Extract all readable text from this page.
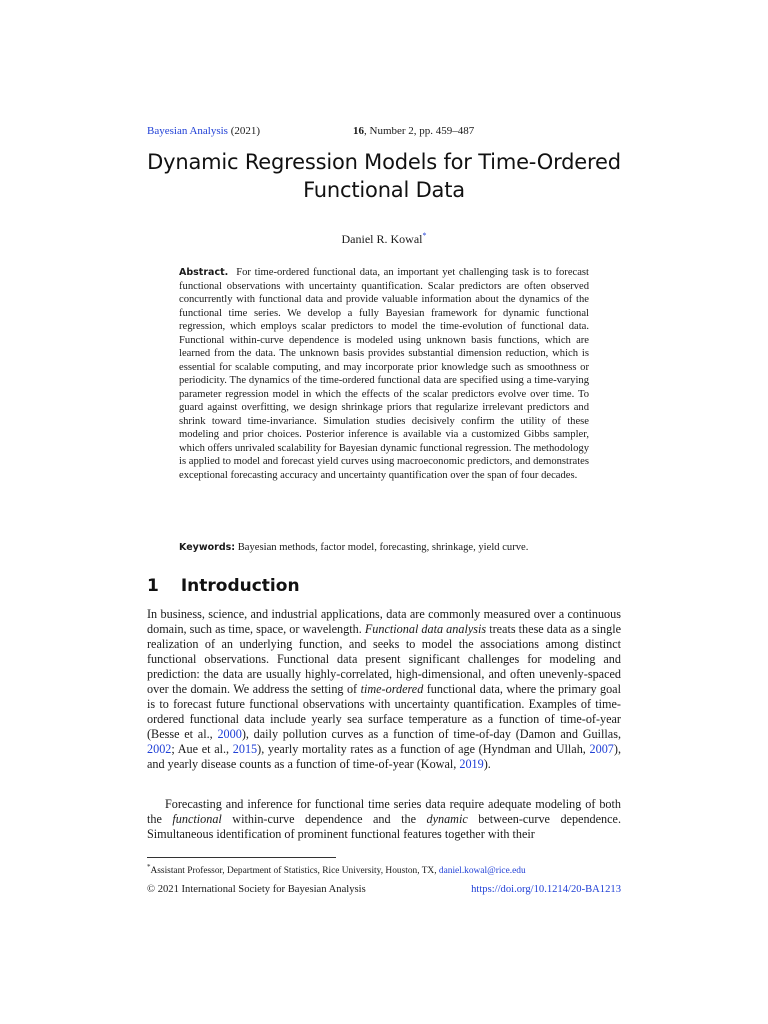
Bayesian Analysis (2021)	16, Number 2, pp. 459–487
Dynamic Regression Models for Time-Ordered
Functional Data
Daniel R. Kowal*
Abstract. For time-ordered functional data, an important yet challenging task is to forecast functional observations with uncertainty quantification. Scalar predictors are often observed concurrently with functional data and provide valuable information about the dynamics of the functional time series. We develop a fully Bayesian framework for dynamic functional regression, which employs scalar predictors to model the time-evolution of functional data. Functional within-curve dependence is modeled using unknown basis functions, which are learned from the data. The unknown basis provides substantial dimension reduction, which is essential for scalable computing, and may incorporate prior knowledge such as smoothness or periodicity. The dynamics of the time-ordered functional data are specified using a time-varying parameter regression model in which the effects of the scalar predictors evolve over time. To guard against overfitting, we design shrinkage priors that regularize irrelevant predictors and shrink toward time-invariance. Simulation studies decisively confirm the utility of these modeling and prior choices. Posterior inference is available via a customized Gibbs sampler, which offers unrivaled scalability for Bayesian dynamic functional regression. The methodology is applied to model and forecast yield curves using macroeconomic predictors, and demonstrates exceptional forecasting accuracy and uncertainty quantification over the span of four decades.
Keywords: Bayesian methods, factor model, forecasting, shrinkage, yield curve.
1 Introduction
In business, science, and industrial applications, data are commonly measured over a continuous domain, such as time, space, or wavelength. Functional data analysis treats these data as a single realization of an underlying function, and seeks to model the associations among distinct functional observations. Functional data present significant challenges for modeling and prediction: the data are usually highly-correlated, high-dimensional, and often unevenly-spaced over the domain. We address the setting of time-ordered functional data, where the primary goal is to forecast future functional observations with uncertainty quantification. Examples of time-ordered functional data include yearly sea surface temperature as a function of time-of-year (Besse et al., 2000), daily pollution curves as a function of time-of-day (Damon and Guillas, 2002; Aue et al., 2015), yearly mortality rates as a function of age (Hyndman and Ullah, 2007), and yearly disease counts as a function of time-of-year (Kowal, 2019).
Forecasting and inference for functional time series data require adequate modeling of both the functional within-curve dependence and the dynamic between-curve dependence. Simultaneous identification of prominent functional features together with their
*Assistant Professor, Department of Statistics, Rice University, Houston, TX, daniel.kowal@rice.edu
© 2021 International Society for Bayesian Analysis	https://doi.org/10.1214/20-BA1213
